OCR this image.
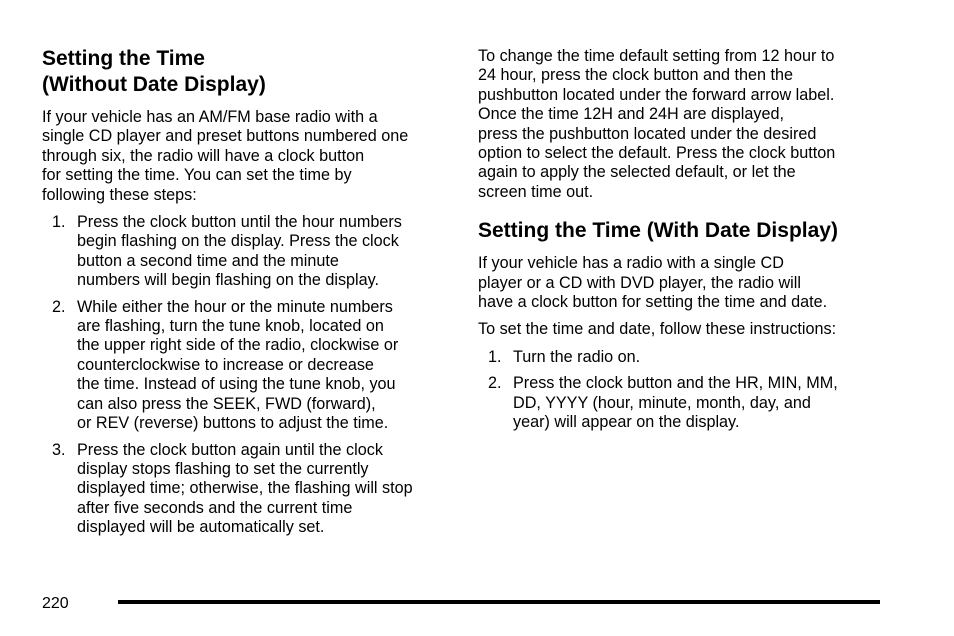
Setting the Time
(Without Date Display)

If your vehicle has an AM/FM base radio with a
single CD player and preset buttons numbered one
through six, the radio will have a clock button
for setting the time. You can set the time by
following these steps:

1. Press the clock button until the hour numbers
begin flashing on the display. Press the clock
button a second time and the minute
numbers will begin flashing on the display.
2. While either the hour or the minute numbers
are flashing, turn the tune knob, located on
the upper right side of the radio, clockwise or
counterclockwise to increase or decrease
the time. Instead of using the tune knob, you
can also press the SEEK, FWD (forward),
or REV (reverse) buttons to adjust the time.
3. Press the clock button again until the clock
display stops flashing to set the currently
displayed time; otherwise, the flashing will stop
after five seconds and the current time
displayed will be automatically set.

To change the time default setting from 12 hour to
24 hour, press the clock button and then the
pushbutton located under the forward arrow label.
Once the time 12H and 24H are displayed,
press the pushbutton located under the desired
option to select the default. Press the clock button
again to apply the selected default, or let the
screen time out.

Setting the Time (With Date Display)

If your vehicle has a radio with a single CD
player or a CD with DVD player, the radio will
have a clock button for setting the time and date.

To set the time and date, follow these instructions:

1. Turn the radio on.
2. Press the clock button and the HR, MIN, MM,
DD, YYYY (hour, minute, month, day, and
year) will appear on the display.
220
